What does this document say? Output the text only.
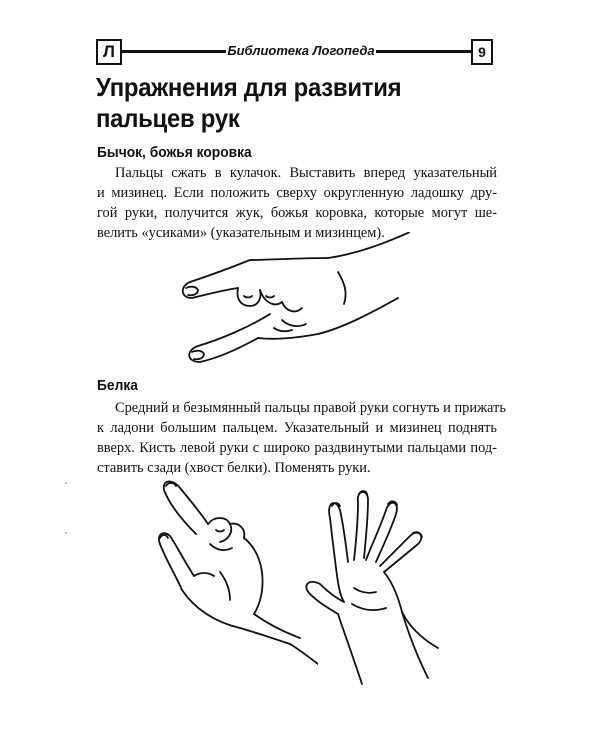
Л	Библиотека Логопеда	9
Упражнения для развития
пальцев рук
Бычок, божья коровка
Пальцы сжать в кулачок. Выставить вперед указательный
и мизинец. Если положить сверху округленную ладошку дру-
гой руки, получится жук, божья коровка, которые могут ше-
велить «усиками» (указательным и мизинцем).
Белка
Средний и безымянный пальцы правой руки согнуть и прижать
к ладони большим пальцем. Указательный и мизинец поднять
вверх. Кисть левой руки с широко раздвинутыми пальцами под-
ставить сзади (хвост белки). Поменять руки.
